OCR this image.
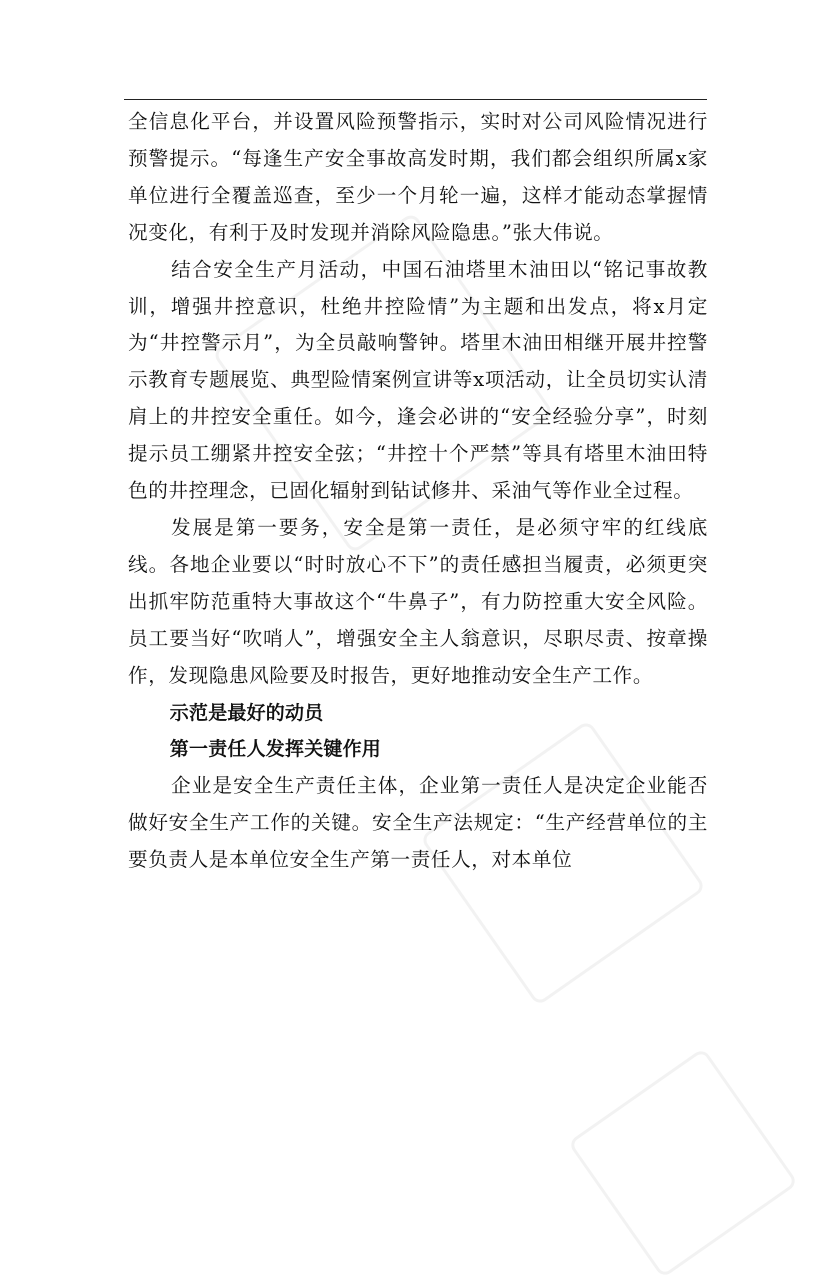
全信息化平台，并设置风险预警指示，实时对公司风险情况进行预警提示。“每逢生产安全事故高发时期，我们都会组织所属x家单位进行全覆盖巡查，至少一个月轮一遍，这样才能动态掌握情况变化，有利于及时发现并消除风险隐患。”张大伟说。

结合安全生产月活动，中国石油塔里木油田以“铭记事故教训，增强井控意识，杜绝井控险情”为主题和出发点，将x月定为“井控警示月”，为全员敲响警钟。塔里木油田相继开展井控警示教育专题展览、典型险情案例宣讲等x项活动，让全员切实认清肩上的井控安全重任。如今，逢会必讲的“安全经验分享”，时刻提示员工绷紧井控安全弦；“井控十个严禁”等具有塔里木油田特色的井控理念，已固化辐射到钻试修井、采油气等作业全过程。

发展是第一要务，安全是第一责任，是必须守牢的红线底线。各地企业要以“时时放心不下”的责任感担当履责，必须更突出抓牢防范重特大事故这个“牛鼻子”，有力防控重大安全风险。员工要当好“吹哨人”，增强安全主人翁意识，尽职尽责、按章操作，发现隐患风险要及时报告，更好地推动安全生产工作。

示范是最好的动员

第一责任人发挥关键作用

企业是安全生产责任主体，企业第一责任人是决定企业能否做好安全生产工作的关键。安全生产法规定：“生产经营单位的主要负责人是本单位安全生产第一责任人，对本单位
